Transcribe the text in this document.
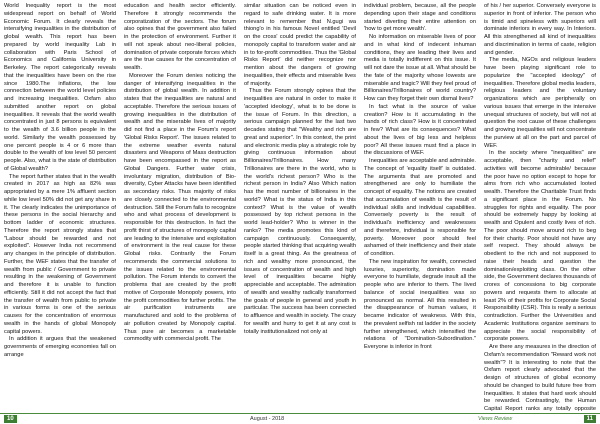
World Inequality report is the most widespread report on behalf of World Economic Forum. It clearly reveals the intensifying inequalities in the distribution of global wealth. This report has been prepared by world inequality Lab in collaboration with Paris School of Economics and California University in Berkeley. The report categorically reveals that the inequalities have been on the rise since 1980.The inflations, the low connection between the world level policies and increasing inequalities. Oxfam also submitted another report on global inequalities. It reveals that the world wealth concentrated in just 8 persons is equivalent to the wealth of 3.6 billion people in the world. Similarly the wealth possessed by one percent people is 4 or 6 more than double to the wealth of low level 50 percent people. Also, what is the state of distribution of Global wealth?

The report further states that in the wealth created in 2017 as high as 82% was appropriated by a mere 1% affluent section while low level 50% did not get any share in it. The clearly indicates the unimportance of these persons in the social hierarchy and bottom ladder of economic structures. Therefore the report strongly states that "Labour should be rewarded and not exploited". However India not recommend any changes in the principle of distribution. Further, the WEF states that the transfer of wealth from public / Government to private resulting in the weakening of Government and therefore it is unable to function efficiently. Still it did not accept the fact that the transfer of wealth from public to private in various forms is one of the serious causes for the concentration of enormous wealth in the hands of global Monopoly capital powers.

In addition it argues that the weakened governments of emerging economies fall on arrange

education and health sector efficiently. Therefore it strongly recommends the corporatization of the sectors. The forum also opines that the government also failed in the protection of environment. Further it will not speak about neo-liberal policies, domination of private corporate forces which are the true causes for the concentration of wealth.

Moreover the Forum denies noticing the danger of intensifying inequalities in the distribution of global wealth. In addition it states that the inequalities are natural and acceptable. Therefore the serious issues of growing inequalities in the distribution of wealth and the miserable lives of majority did not find a place in the Forum's report 'Global Risks Report'. The issues related to the extreme weather events natural disasters and Weapons of Mass destruction have been encompassed in the report as Global Dangers. Further water crisis, involuntary migration, distribution of Bio-diversity, Cyber Attacks have been identified as secondary risks. Thus majority of risks are closely connected to the environmental destruction. Still the Forum fails to recognize who and what process of development is responsible for this destruction. In fact the profit thirst of structures of monopoly capital are leading to the intensive and exploitation of environment is the real cause for these Global risks. Contrarily the Forum recommends the commercial solutions to the issues related to the environmental pollution. The Forum intends to convert the problems that are created by the profit motive of Corporate Monopoly powers, into the profit commodities for further profits. The air purification instruments are manufactured and sold to the problems of air pollution created by Monopoly capital. Thus pure air becomes a marketable commodity with commercial profit. The

similar situation can be noticed even in regard to safe drinking water. It is more relevant to remember that N.gugi wa thiong'o in his famous Novel entitled 'Devil on the cross' could predict the capability of monopoly capital to transform water and air in to for-profit commodities. Thus the 'Global Risks Report' did neither recognize nor mention about the dangers of growing inequalities, their effects and miserable lives of majority.

Thus the Forum strongly opines that the inequalities are natural in order to make it 'accepted ideology', what is to be done is the issue of Forum. In this direction, a serious campaign planned for the last two decades stating that "Wealthy and rich are great and superior". In this context, the print and electronic media play a strategic role by giving continuous information about Billionaires/Trillionaires. How many Trillionaires are there in the world, who is the world's richest person? Who is the richest person in India? Also Which nation has the most number of billionaires in the world? What is the status of India in this context? What is the value of wealth possessed by top richest persons in the world lead-holder? Who is winner in the ranks? The media promotes this kind of campaign continuously. Consequently, people started thinking that acquiring wealth itself is a great thing. As the greatness of rich and wealthy more pronounced, the issues of concentration of wealth and high level of inequalities became highly appreciable and acceptable. The admiration of wealth and wealthy radically transformed the goals of people in general and youth in particular. The success has been connected to affluence and wealth in society. The crazy for wealth and hurry to get it at any cost is totally institutionalized not only at

individual problem, because, all the people depending upon their stage and conditions started diverting their entire attention on 'how to get more wealth'.

No information on miserable lives of poor and in what kind of indecent inhuman conditions, they are leading their lives and media is totally indifferent on this issue. It will not dare the issue at all. What should be the fate of the majority whose lowests are miserable and tragic? Will they feel proud of Billionaires/Trillionaires of world country? How can they forget their own dismal lives?

In fact what is the source of value creation? How is it accumulating in the hands of rich class? How is it concentrated in few? What are its consequences? What about the lives of big less and helpless poor? All these issues must find a place in the discussions of WEF.

Inequalities are acceptable and admirable. The concept of 'equality itself' is outdated. The arguments that are promoted and strengthened are only to humiliate the concept of equality. The notions are created that accumulation of wealth is the result of individual skills and individual capabilities. Conversely poverty is the result of individual's inefficiency and weaknesses and therefore, individual is responsible for poverty. Moreover poor should feel ashamed of their inefficiency and their state of condition.

The new inspiration for wealth, connected luxuries, superiority, domination made everyone to humiliate, degrade insult all the people who are inferior to them. The lived balance of social inequalities was so pronounced as normal. All this resulted in the disappearance of human values, it became indicator of weakness. With this, the prevalent selfish rat ladder in the society further strengthened, which intensified the relations of "Domination-Subordination." Everyone is inferior in front

of his / her superior. Conversely everyone is superior in front of inferior. The person who is timid and spineless with superiors will dominate inferiors in every way. In Interiors. All this strengthened all kind of inequalities and discrimination in terms of caste, religion and gender.

The media, NGOs and religious leaders have been playing significant role to popularize the "accepted ideology" of inequalities. Therefore global media leaders, religious leaders and the voluntary organizations which are peripherally on various issues that emerge in the intensive unequal structures of society, but will not at question the root cause of these challenges and growing inequalities will not concentrate the purview at all on the part and parcel of WEF.

In the society where "inequalities" are acceptable, then "charity and relief" activities will become admirable/ because the poor have no option except to hope for alms from rich who accumulated looted wealth. Therefore the Charitable Trust finds a significant place in the Forum. No struggles for rights and equality. The poor should be extremely happy by looking at wealth and Opulent and costly lives of rich. The poor should move around rich to beg for their charity. Poor should not have any self respect. They should always be obedient to the rich and not supposed to raise their heads and question the domination/exploiting class. On the other side, the Government declares thousands of crores of concessions to big corporate powers and requests them to allocate at least 2% of their profits for Corporate Social Responsibility (CSR). This is really a serious contradiction. Further the Universities and Academic Institutions organize seminars to appreciate the social responsibility of corporate powers.

Are there any measures in the direction of Oxfam's recommendation "Reward work not wealth"? It is interesting to note that the Oxfam report clearly advocated that the design of structures of global economy should be changed to build future free from Inequalities. It states that hard work should be rewarded. Contrastingly, the Human Capital Report ranks any totally opposite

10	11
August - 2018	Views Review
